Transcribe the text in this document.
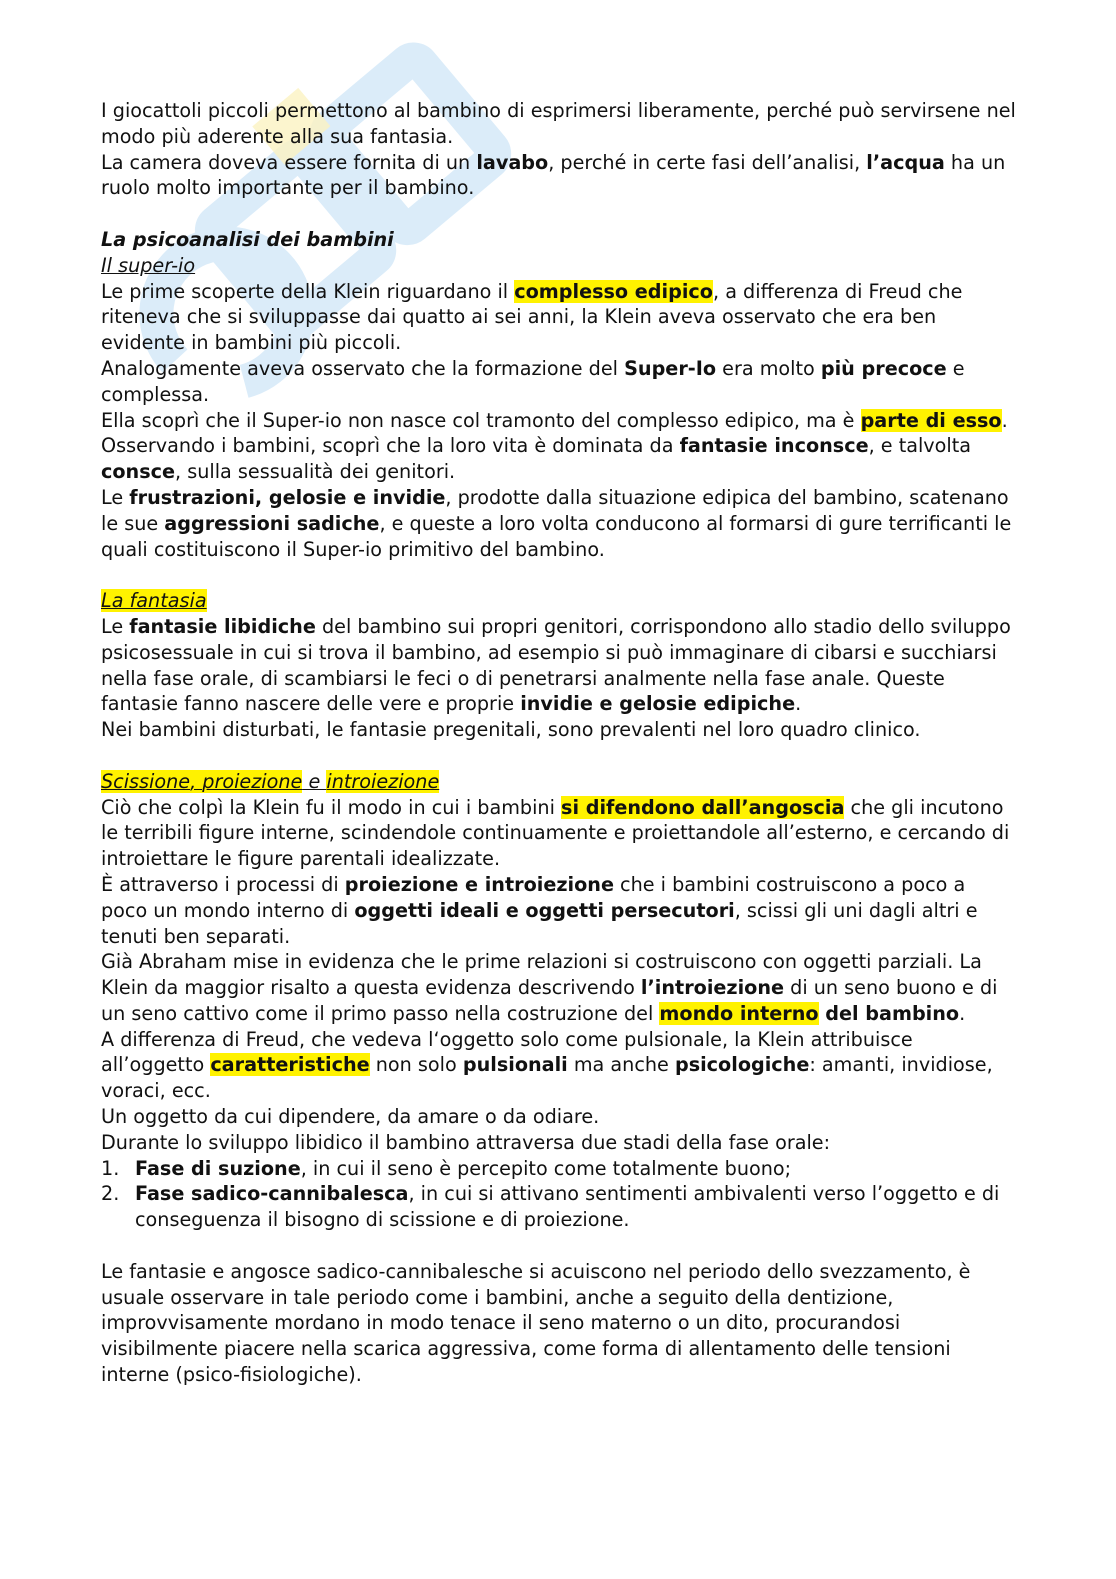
I giocattoli piccoli permettono al bambino di esprimersi liberamente, perché può servirsene nel modo più aderente alla sua fantasia.

La camera doveva essere fornita di un lavabo, perché in certe fasi dell’analisi, l’acqua ha un ruolo molto importante per il bambino.

La psicoanalisi dei bambini

Il super-io

Le prime scoperte della Klein riguardano il complesso edipico, a differenza di Freud che riteneva che si sviluppasse dai quatto ai sei anni, la Klein aveva osservato che era ben evidente in bambini più piccoli.

Analogamente aveva osservato che la formazione del Super-Io era molto più precoce e complessa.

Ella scoprì che il Super-io non nasce col tramonto del complesso edipico, ma è parte di esso.

Osservando i bambini, scoprì che la loro vita è dominata da fantasie inconsce, e talvolta consce, sulla sessualità dei genitori.

Le frustrazioni, gelosie e invidie, prodotte dalla situazione edipica del bambino, scatenano le sue aggressioni sadiche, e queste a loro volta conducono al formarsi di gure terrificanti le quali costituiscono il Super-io primitivo del bambino.

La fantasia

Le fantasie libidiche del bambino sui propri genitori, corrispondono allo stadio dello sviluppo psicosessuale in cui si trova il bambino, ad esempio si può immaginare di cibarsi e succhiarsi nella fase orale, di scambiarsi le feci o di penetrarsi analmente nella fase anale. Queste fantasie fanno nascere delle vere e proprie invidie e gelosie edipiche.

Nei bambini disturbati, le fantasie pregenitali, sono prevalenti nel loro quadro clinico.

Scissione, proiezione e introiezione

Ciò che colpì la Klein fu il modo in cui i bambini si difendono dall’angoscia che gli incutono le terribili figure interne, scindendole continuamente e proiettandole all’esterno, e cercando di introiettare le figure parentali idealizzate.

È attraverso i processi di proiezione e introiezione che i bambini costruiscono a poco a poco un mondo interno di oggetti ideali e oggetti persecutori, scissi gli uni dagli altri e tenuti ben separati.

Già Abraham mise in evidenza che le prime relazioni si costruiscono con oggetti parziali. La Klein da maggior risalto a questa evidenza descrivendo l’introiezione di un seno buono e di un seno cattivo come il primo passo nella costruzione del mondo interno del bambino.

A differenza di Freud, che vedeva l‘oggetto solo come pulsionale, la Klein attribuisce all’oggetto caratteristiche non solo pulsionali ma anche psicologiche: amanti, invidiose, voraci, ecc.

Un oggetto da cui dipendere, da amare o da odiare.

Durante lo sviluppo libidico il bambino attraversa due stadi della fase orale:

1. Fase di suzione, in cui il seno è percepito come totalmente buono;
2. Fase sadico-cannibalesca, in cui si attivano sentimenti ambivalenti verso l’oggetto e di conseguenza il bisogno di scissione e di proiezione.

Le fantasie e angosce sadico-cannibalesche si acuiscono nel periodo dello svezzamento, è usuale osservare in tale periodo come i bambini, anche a seguito della dentizione, improvvisamente mordano in modo tenace il seno materno o un dito, procurandosi visibilmente piacere nella scarica aggressiva, come forma di allentamento delle tensioni interne (psico-fisiologiche).
